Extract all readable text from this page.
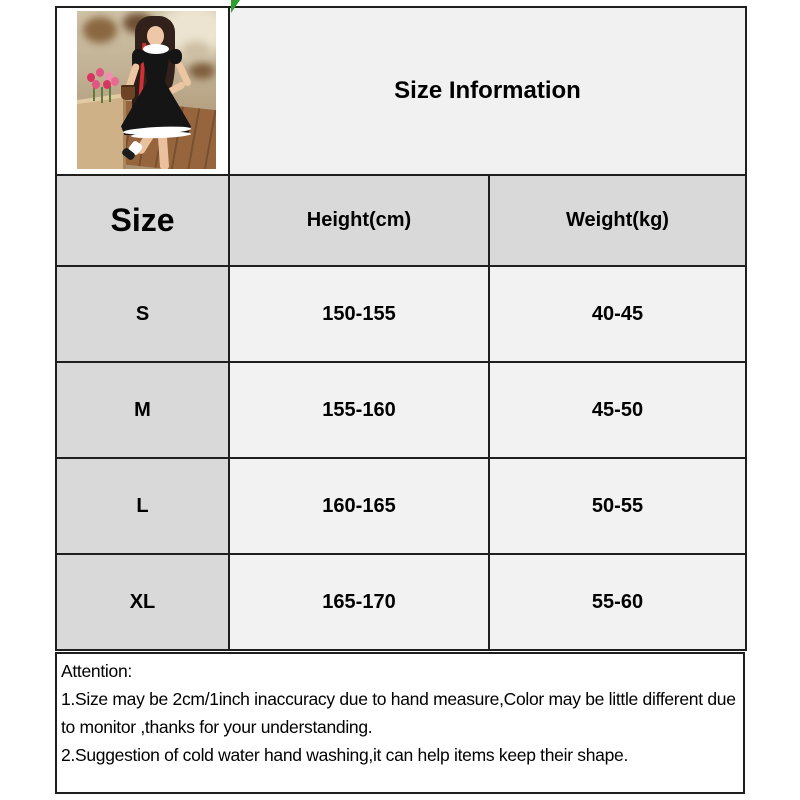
	Size Information	
Size	Height(cm)	Weight(kg)
S	150-155	40-45
M	155-160	45-50
L	160-165	50-55
XL	165-170	55-60
Attention:
1.Size may be 2cm/1inch inaccuracy due to hand measure,Color may be little different due to monitor ,thanks for your understanding.
2.Suggestion of cold water hand washing,it can help items keep their shape.
